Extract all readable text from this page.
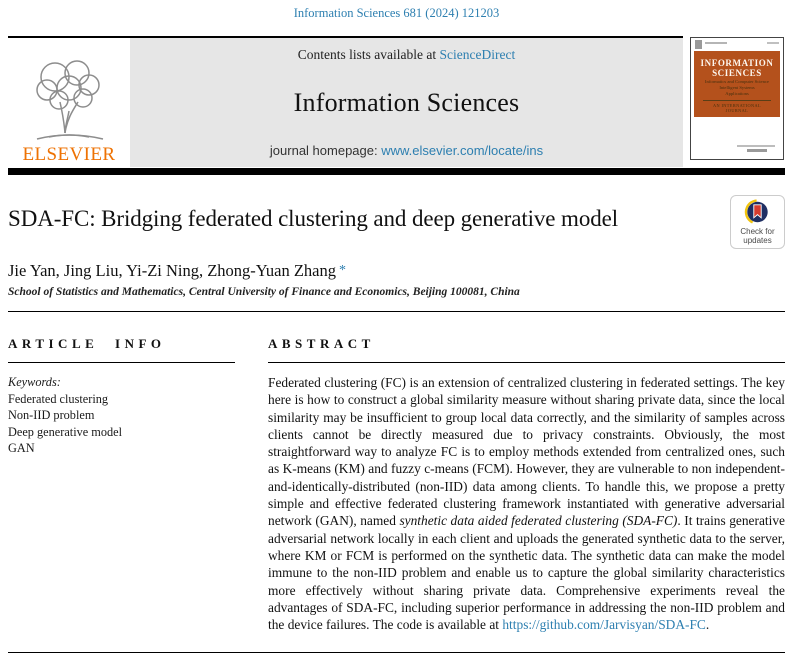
Information Sciences 681 (2024) 121203
ELSEVIER
Contents lists available at ScienceDirect
Information Sciences
journal homepage: www.elsevier.com/locate/ins
INFORMATION
SCIENCES
Informatics and Computer Science
Intelligent Systems
Applications
AN INTERNATIONAL JOURNAL
SDA-FC: Bridging federated clustering and deep generative model
Check for
updates
Jie Yan, Jing Liu, Yi-Zi Ning, Zhong-Yuan Zhang *
School of Statistics and Mathematics, Central University of Finance and Economics, Beijing 100081, China
ARTICLE INFO
Keywords:
Federated clustering
Non-IID problem
Deep generative model
GAN
ABSTRACT

Federated clustering (FC) is an extension of centralized clustering in federated settings. The key here is how to construct a global similarity measure without sharing private data, since the local similarity may be insufficient to group local data correctly, and the similarity of samples across clients cannot be directly measured due to privacy constraints. Obviously, the most straightforward way to analyze FC is to employ methods extended from centralized ones, such as K-means (KM) and fuzzy c-means (FCM). However, they are vulnerable to non independent-and-identically-distributed (non-IID) data among clients. To handle this, we propose a pretty simple and effective federated clustering framework instantiated with generative adversarial network (GAN), named synthetic data aided federated clustering (SDA-FC). It trains generative adversarial network locally in each client and uploads the generated synthetic data to the server, where KM or FCM is performed on the synthetic data. The synthetic data can make the model immune to the non-IID problem and enable us to capture the global similarity characteristics more effectively without sharing private data. Comprehensive experiments reveal the advantages of SDA-FC, including superior performance in addressing the non-IID problem and the device failures. The code is available at https://github.com/Jarvisyan/SDA-FC.
